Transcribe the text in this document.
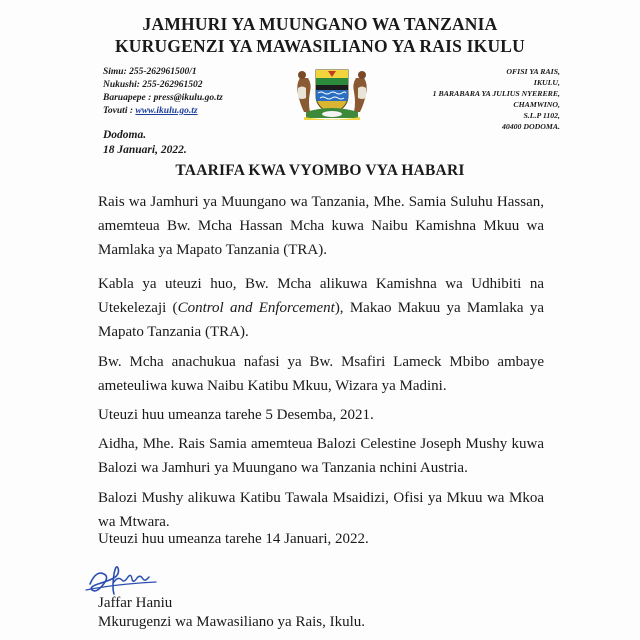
JAMHURI YA MUUNGANO WA TANZANIA
KURUGENZI YA MAWASILIANO YA RAIS IKULU
Simu: 255-262961500/1
Nukushi: 255-262961502
Baruapepe : press@ikulu.go.tz
Tovuti : www.ikulu.go.tz
OFISI YA RAIS,
IKULU,
1 BARABARA YA JULIUS NYERERE,
CHAMWINO,
S.L.P 1102,
40400 DODOMA.
Dodoma.
18 Januari, 2022.
TAARIFA KWA VYOMBO VYA HABARI

Rais wa Jamhuri ya Muungano wa Tanzania, Mhe. Samia Suluhu Hassan, amemteua Bw. Mcha Hassan Mcha kuwa Naibu Kamishna Mkuu wa Mamlaka ya Mapato Tanzania (TRA).

Kabla ya uteuzi huo, Bw. Mcha alikuwa Kamishna wa Udhibiti na Utekelezaji (Control and Enforcement), Makao Makuu ya Mamlaka ya Mapato Tanzania (TRA).

Bw. Mcha anachukua nafasi ya Bw. Msafiri Lameck Mbibo ambaye ameteuliwa kuwa Naibu Katibu Mkuu, Wizara ya Madini.

Uteuzi huu umeanza tarehe 5 Desemba, 2021.

Aidha, Mhe. Rais Samia amemteua Balozi Celestine Joseph Mushy kuwa Balozi wa Jamhuri ya Muungano wa Tanzania nchini Austria.

Balozi Mushy alikuwa Katibu Tawala Msaidizi, Ofisi ya Mkuu wa Mkoa wa Mtwara.

Uteuzi huu umeanza tarehe 14 Januari, 2022.

Jaffar Haniu
Mkurugenzi wa Mawasiliano ya Rais, Ikulu.
